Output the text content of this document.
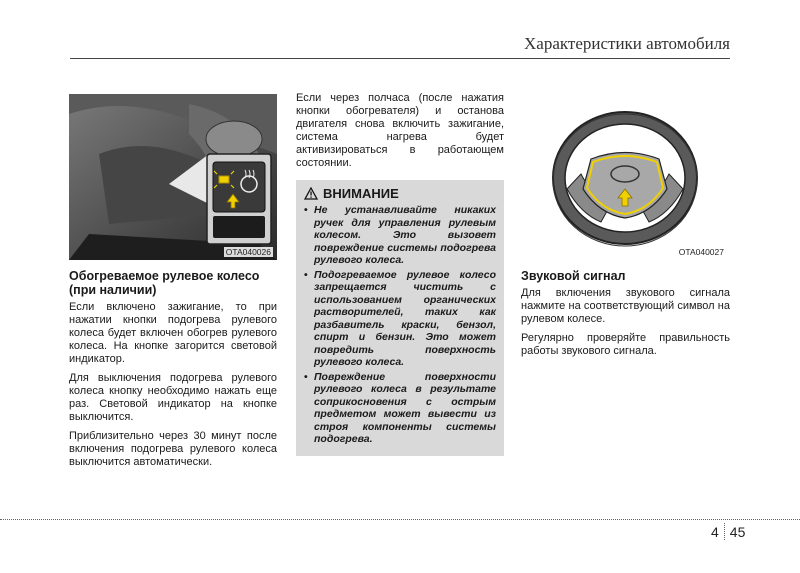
Характеристики автомобиля
OTA040026
Обогреваемое рулевое колесо (при наличии)

Если включено зажигание, то при нажатии кнопки подогрева рулевого колеса будет включен обогрев рулевого колеса. На кнопке загорится световой индикатор.

Для выключения подогрева рулевого колеса кнопку необходимо нажать еще раз. Световой индикатор на кнопке выключится.

Приблизительно через 30 минут после включения подогрева рулевого колеса выключится автоматически.

Если через полчаса (после нажатия кнопки обогревателя) и останова двигателя снова включить зажигание, система нагрева будет активизироваться в работающем состоянии.

ВНИМАНИЕ
• Не устанавливайте никаких ручек для управления рулевым колесом. Это вызовет повреждение системы подогрева рулевого колеса.
• Подогреваемое рулевое колесо запрещается чистить с использованием органических растворителей, таких как разбавитель краски, бензол, спирт и бензин. Это может повредить поверхность рулевого колеса.
• Повреждение поверхности рулевого колеса в результате соприкосновения с острым предметом может вывести из строя компоненты системы подогрева.
OTA040027
Звуковой сигнал

Для включения звукового сигнала нажмите на соответствующий символ на рулевом колесе.

Регулярно проверяйте правильность работы звукового сигнала.

4 45
